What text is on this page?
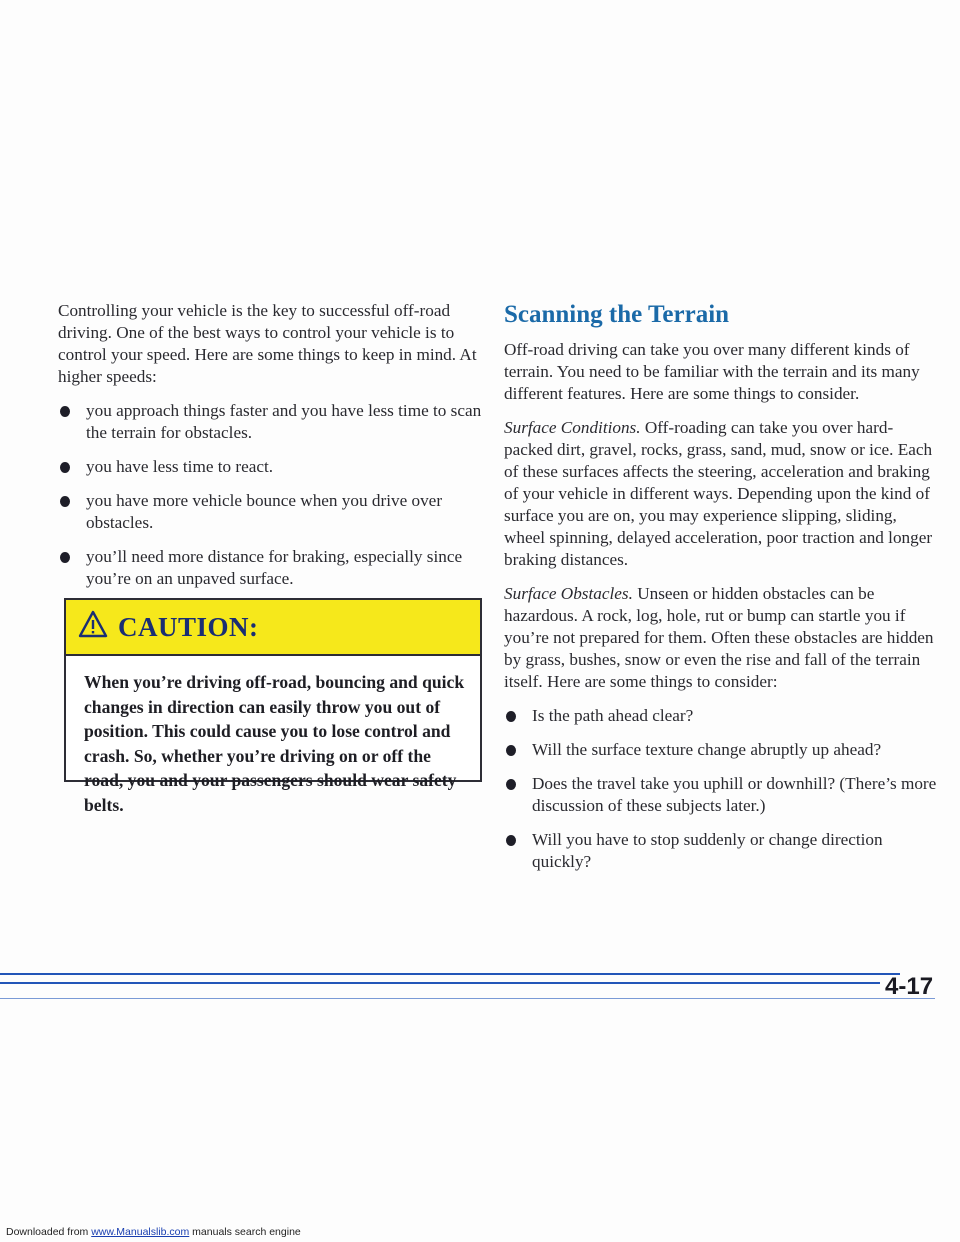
Controlling your vehicle is the key to successful off-road driving. One of the best ways to control your vehicle is to control your speed. Here are some things to keep in mind. At higher speeds:

you approach things faster and you have less time to scan the terrain for obstacles.
you have less time to react.
you have more vehicle bounce when you drive over obstacles.
you’ll need more distance for braking, especially since you’re on an unpaved surface.
CAUTION:
When you’re driving off-road, bouncing and quick changes in direction can easily throw you out of position. This could cause you to lose control and crash. So, whether you’re driving on or off the road, you and your passengers should wear safety belts.
Scanning the Terrain

Off-road driving can take you over many different kinds of terrain. You need to be familiar with the terrain and its many different features. Here are some things to consider.

Surface Conditions. Off-roading can take you over hard-packed dirt, gravel, rocks, grass, sand, mud, snow or ice. Each of these surfaces affects the steering, acceleration and braking of your vehicle in different ways. Depending upon the kind of surface you are on, you may experience slipping, sliding, wheel spinning, delayed acceleration, poor traction and longer braking distances.

Surface Obstacles. Unseen or hidden obstacles can be hazardous. A rock, log, hole, rut or bump can startle you if you’re not prepared for them. Often these obstacles are hidden by grass, bushes, snow or even the rise and fall of the terrain itself. Here are some things to consider:

Is the path ahead clear?
Will the surface texture change abruptly up ahead?
Does the travel take you uphill or downhill? (There’s more discussion of these subjects later.)
Will you have to stop suddenly or change direction quickly?
4-17
Downloaded from www.Manualslib.com manuals search engine
